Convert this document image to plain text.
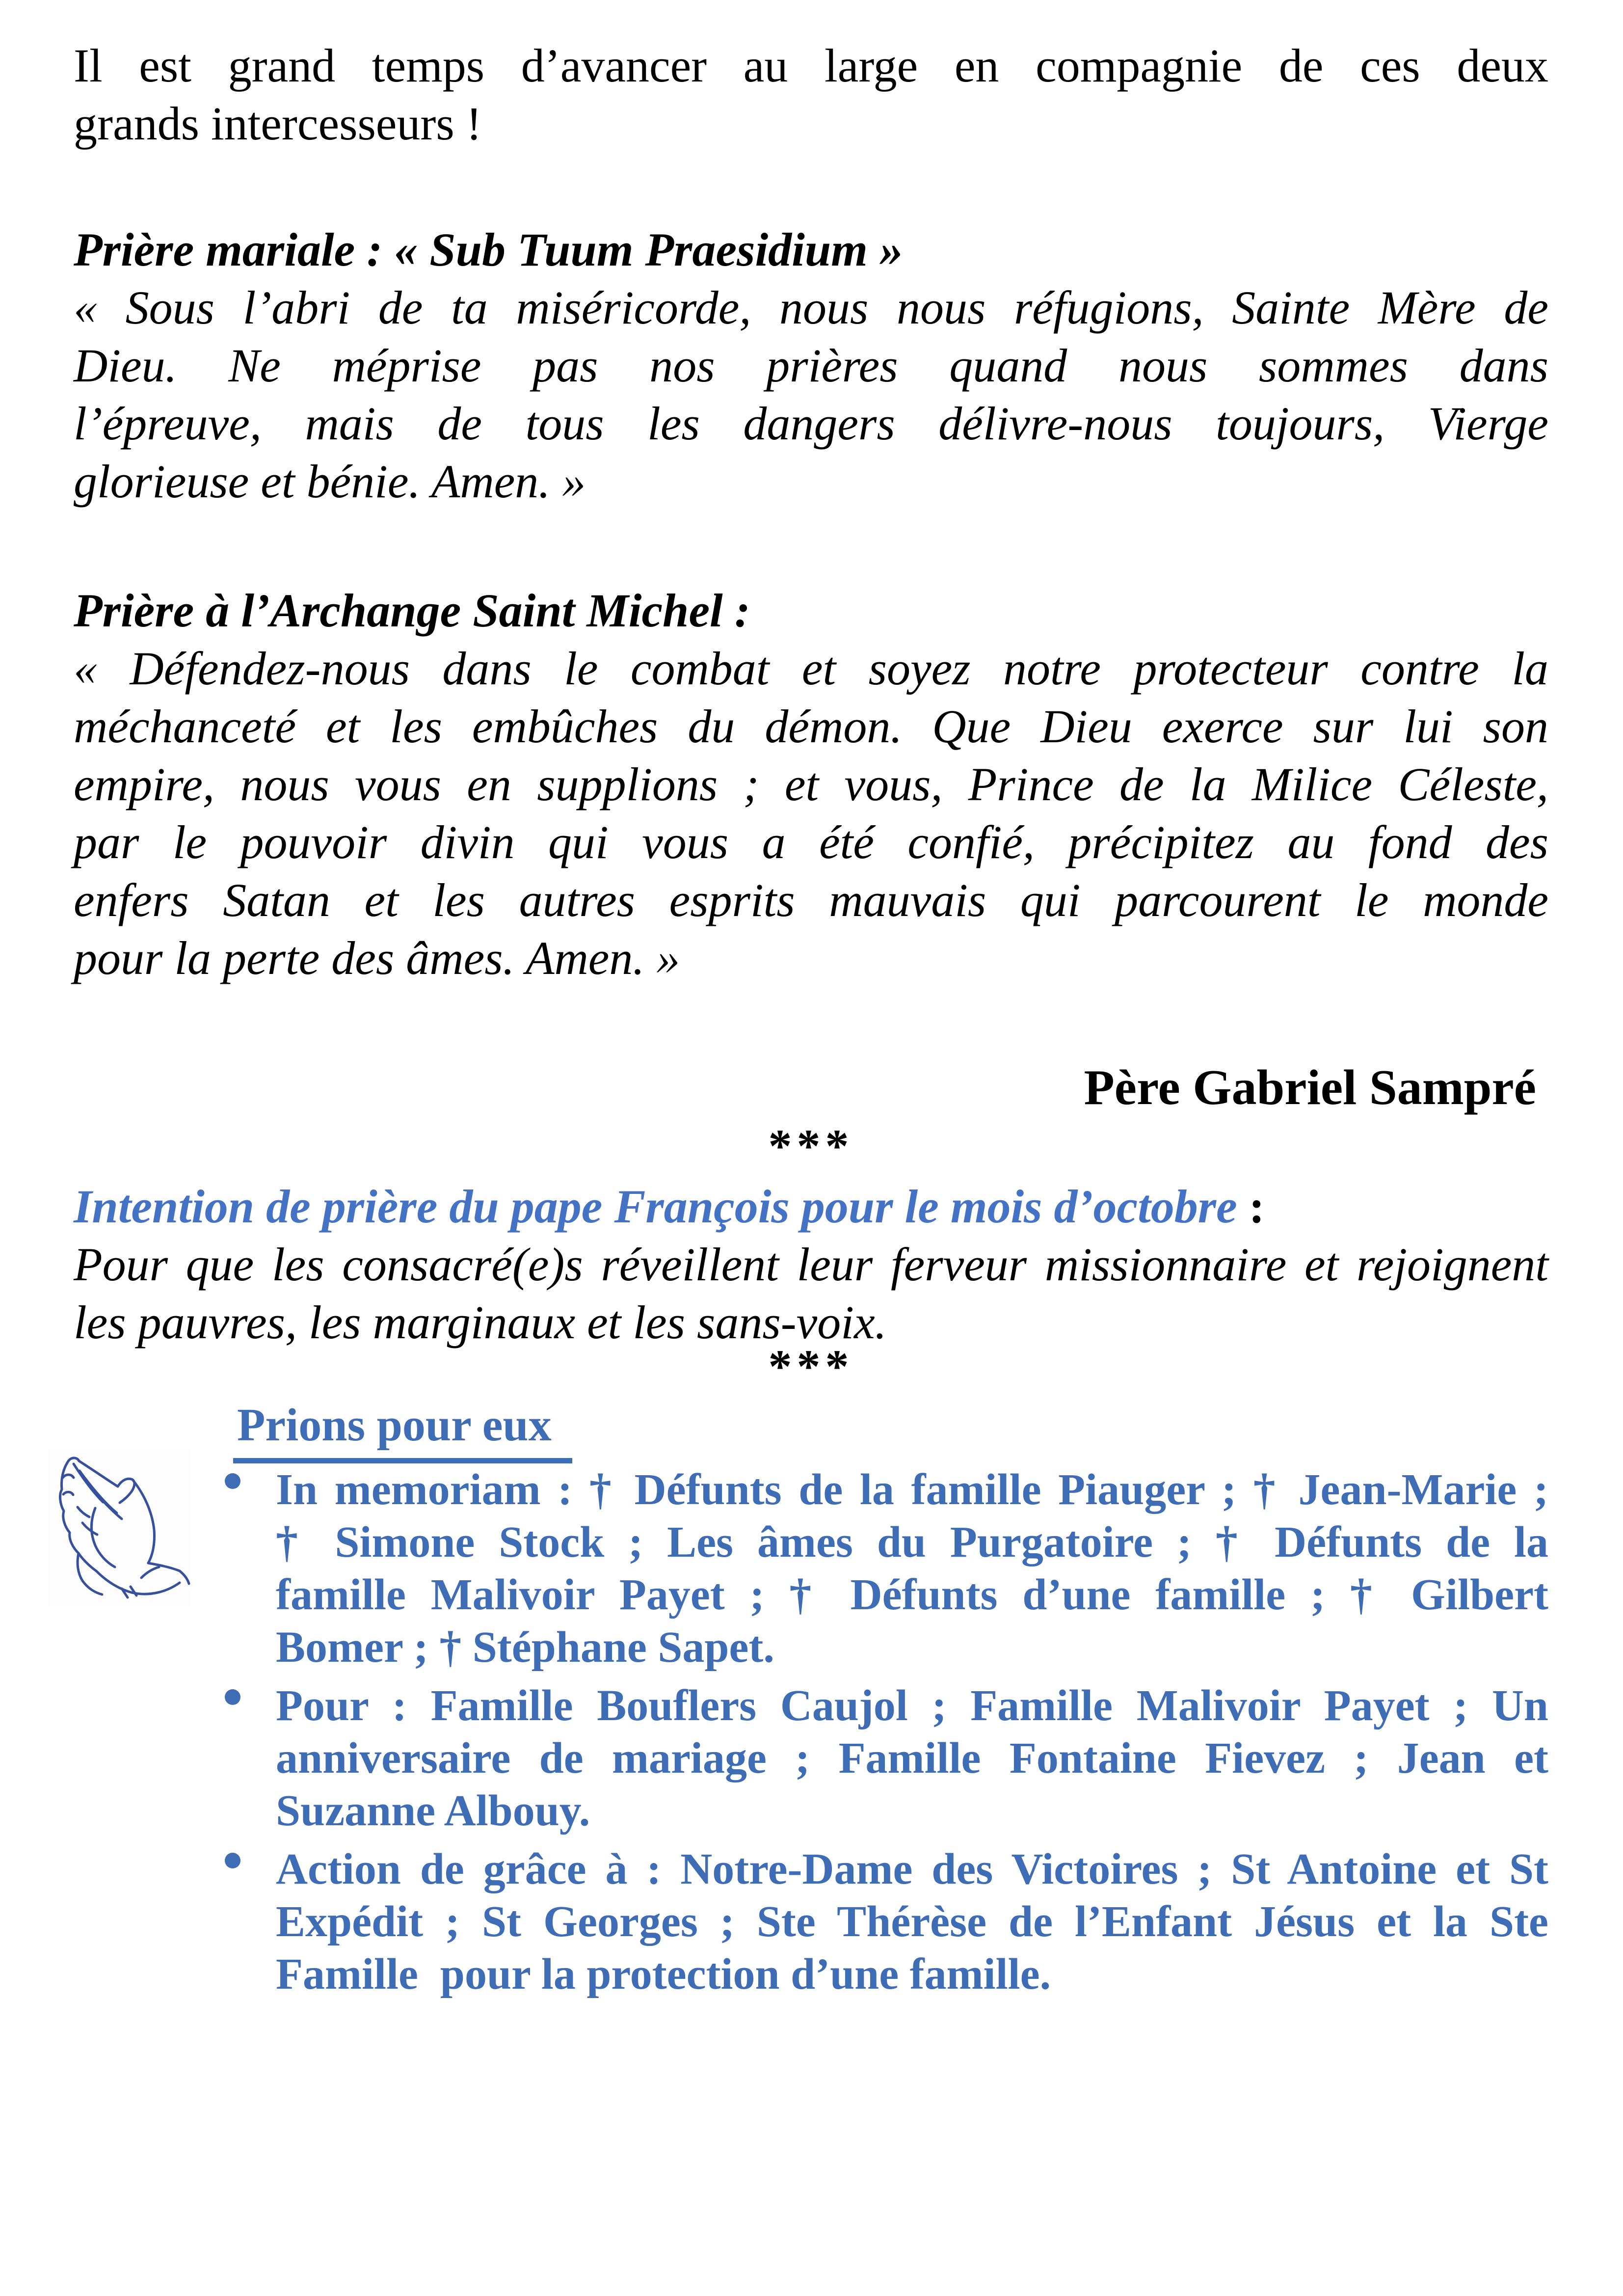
Il est grand temps d’avancer au large en compagnie de ces deux
grands intercesseurs !
Prière mariale : « Sub Tuum Praesidium »
« Sous l’abri de ta miséricorde, nous nous réfugions, Sainte Mère de
Dieu. Ne méprise pas nos prières quand nous sommes dans
l’épreuve, mais de tous les dangers délivre-nous toujours, Vierge
glorieuse et bénie. Amen. »
Prière à l’Archange Saint Michel :
« Défendez-nous dans le combat et soyez notre protecteur contre la
méchanceté et les embûches du démon. Que Dieu exerce sur lui son
empire, nous vous en supplions ; et vous, Prince de la Milice Céleste,
par le pouvoir divin qui vous a été confié, précipitez au fond des
enfers Satan et les autres esprits mauvais qui parcourent le monde
pour la perte des âmes. Amen. »
Père Gabriel Sampré
***
Intention de prière du pape François pour le mois d’octobre :
Pour que les consacré(e)s réveillent leur ferveur missionnaire et rejoignent
les pauvres, les marginaux et les sans-voix.
***
Prions pour eux
In memoriam : † Défunts de la famille Piauger ; † Jean-Marie ;
† Simone Stock ; Les âmes du Purgatoire ; † Défunts de la
famille Malivoir Payet ; † Défunts d’une famille ; † Gilbert
Bomer ; † Stéphane Sapet.
Pour : Famille Bouflers Caujol ; Famille Malivoir Payet ; Un
anniversaire de mariage ; Famille Fontaine Fievez ; Jean et
Suzanne Albouy.
Action de grâce à : Notre-Dame des Victoires ; St Antoine et St
Expédit ; St Georges ; Ste Thérèse de l’Enfant Jésus et la Ste
Famille  pour la protection d’une famille.
